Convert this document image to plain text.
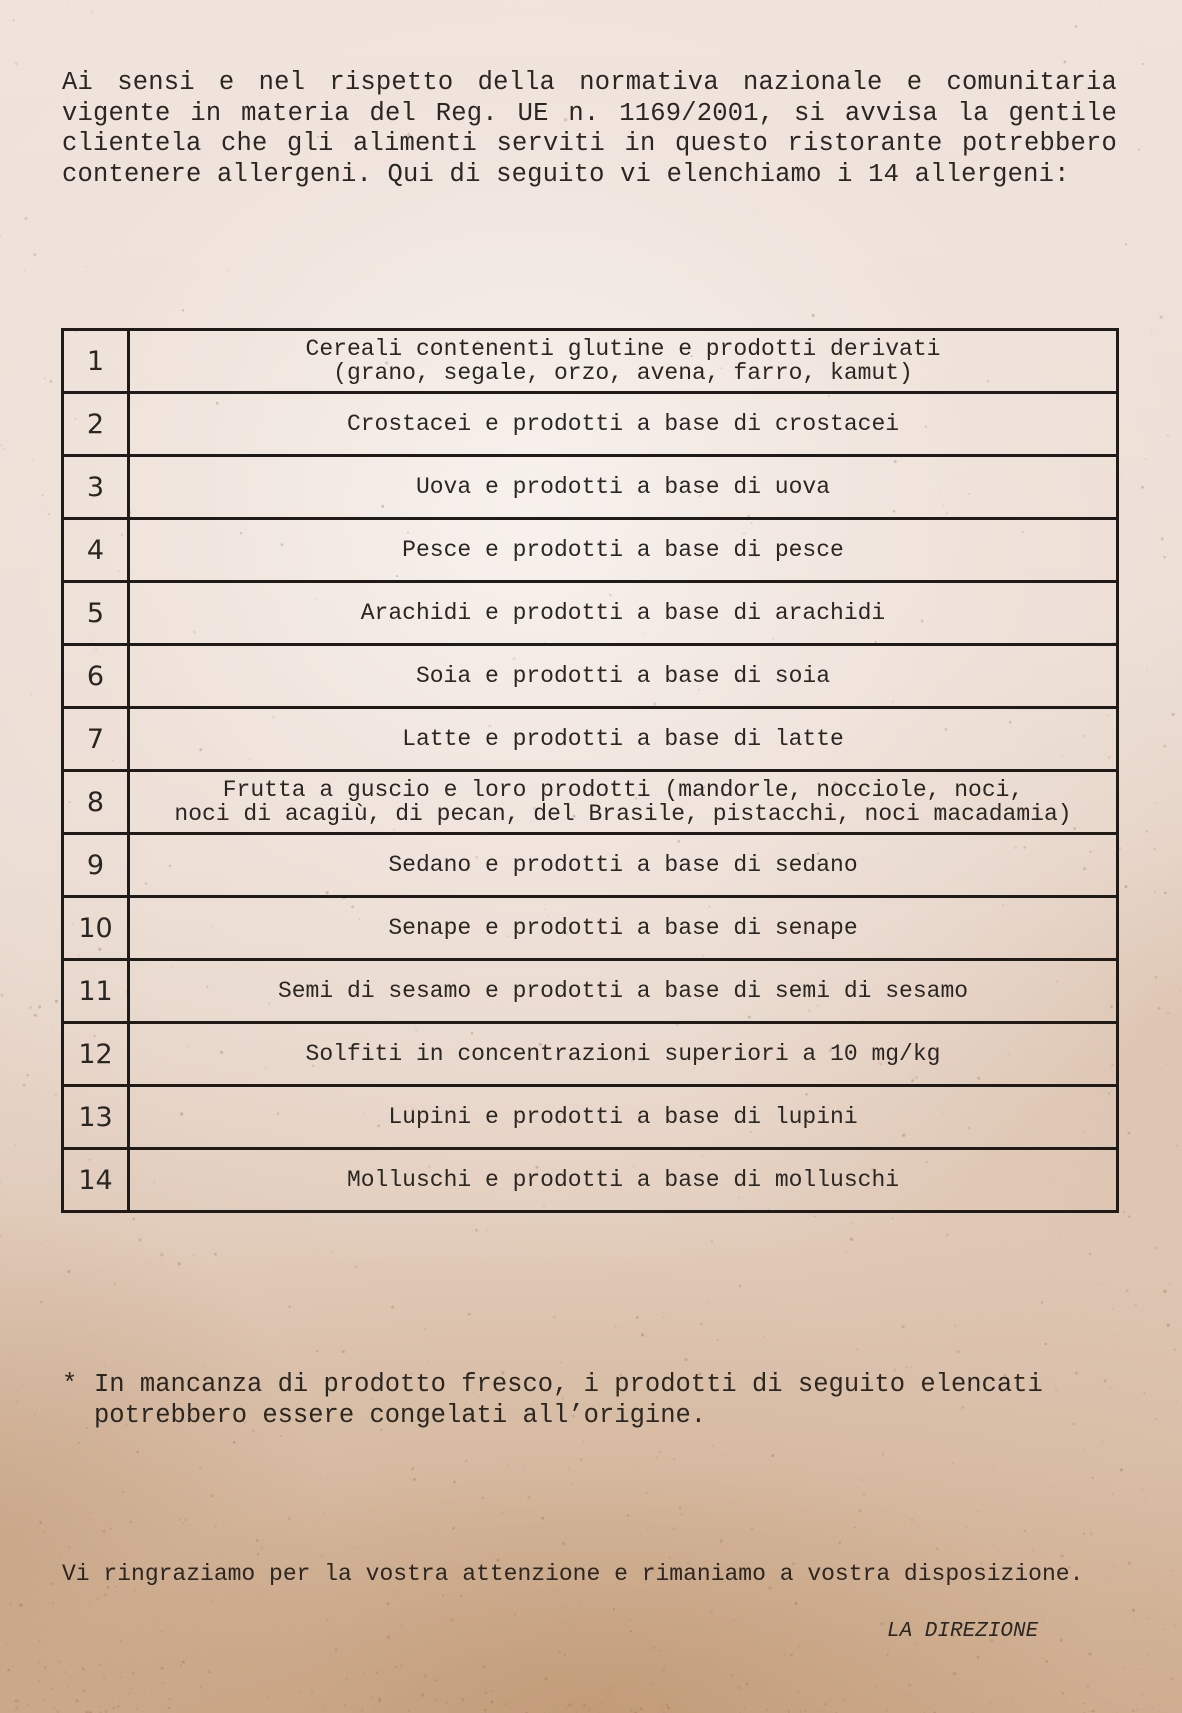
Ai sensi e nel rispetto della normativa nazionale e comunitaria vigente in materia del Reg. UE n. 1169/2001, si avvisa la gentile clientela che gli alimenti serviti in questo ristorante potrebbero contenere allergeni. Qui di seguito vi elenchiamo i 14 allergeni:

1	Cereali contenenti glutine e prodotti derivati
(grano, segale, orzo, avena, farro, kamut)

2	Crostacei e prodotti a base di crostacei

3	Uova e prodotti a base di uova

4	Pesce e prodotti a base di pesce

5	Arachidi e prodotti a base di arachidi

6	Soia e prodotti a base di soia

7	Latte e prodotti a base di latte

8	Frutta a guscio e loro prodotti (mandorle, nocciole, noci,
noci di acagiù, di pecan, del Brasile, pistacchi, noci macadamia)

9	Sedano e prodotti a base di sedano

10	Senape e prodotti a base di senape

11	Semi di sesamo e prodotti a base di semi di sesamo

12	Solfiti in concentrazioni superiori a 10 mg/kg

13	Lupini e prodotti a base di lupini

14	Molluschi e prodotti a base di molluschi
* In mancanza di prodotto fresco, i prodotti di seguito elencati potrebbero essere congelati all’origine.

Vi ringraziamo per la vostra attenzione e rimaniamo a vostra disposizione.

LA DIREZIONE
